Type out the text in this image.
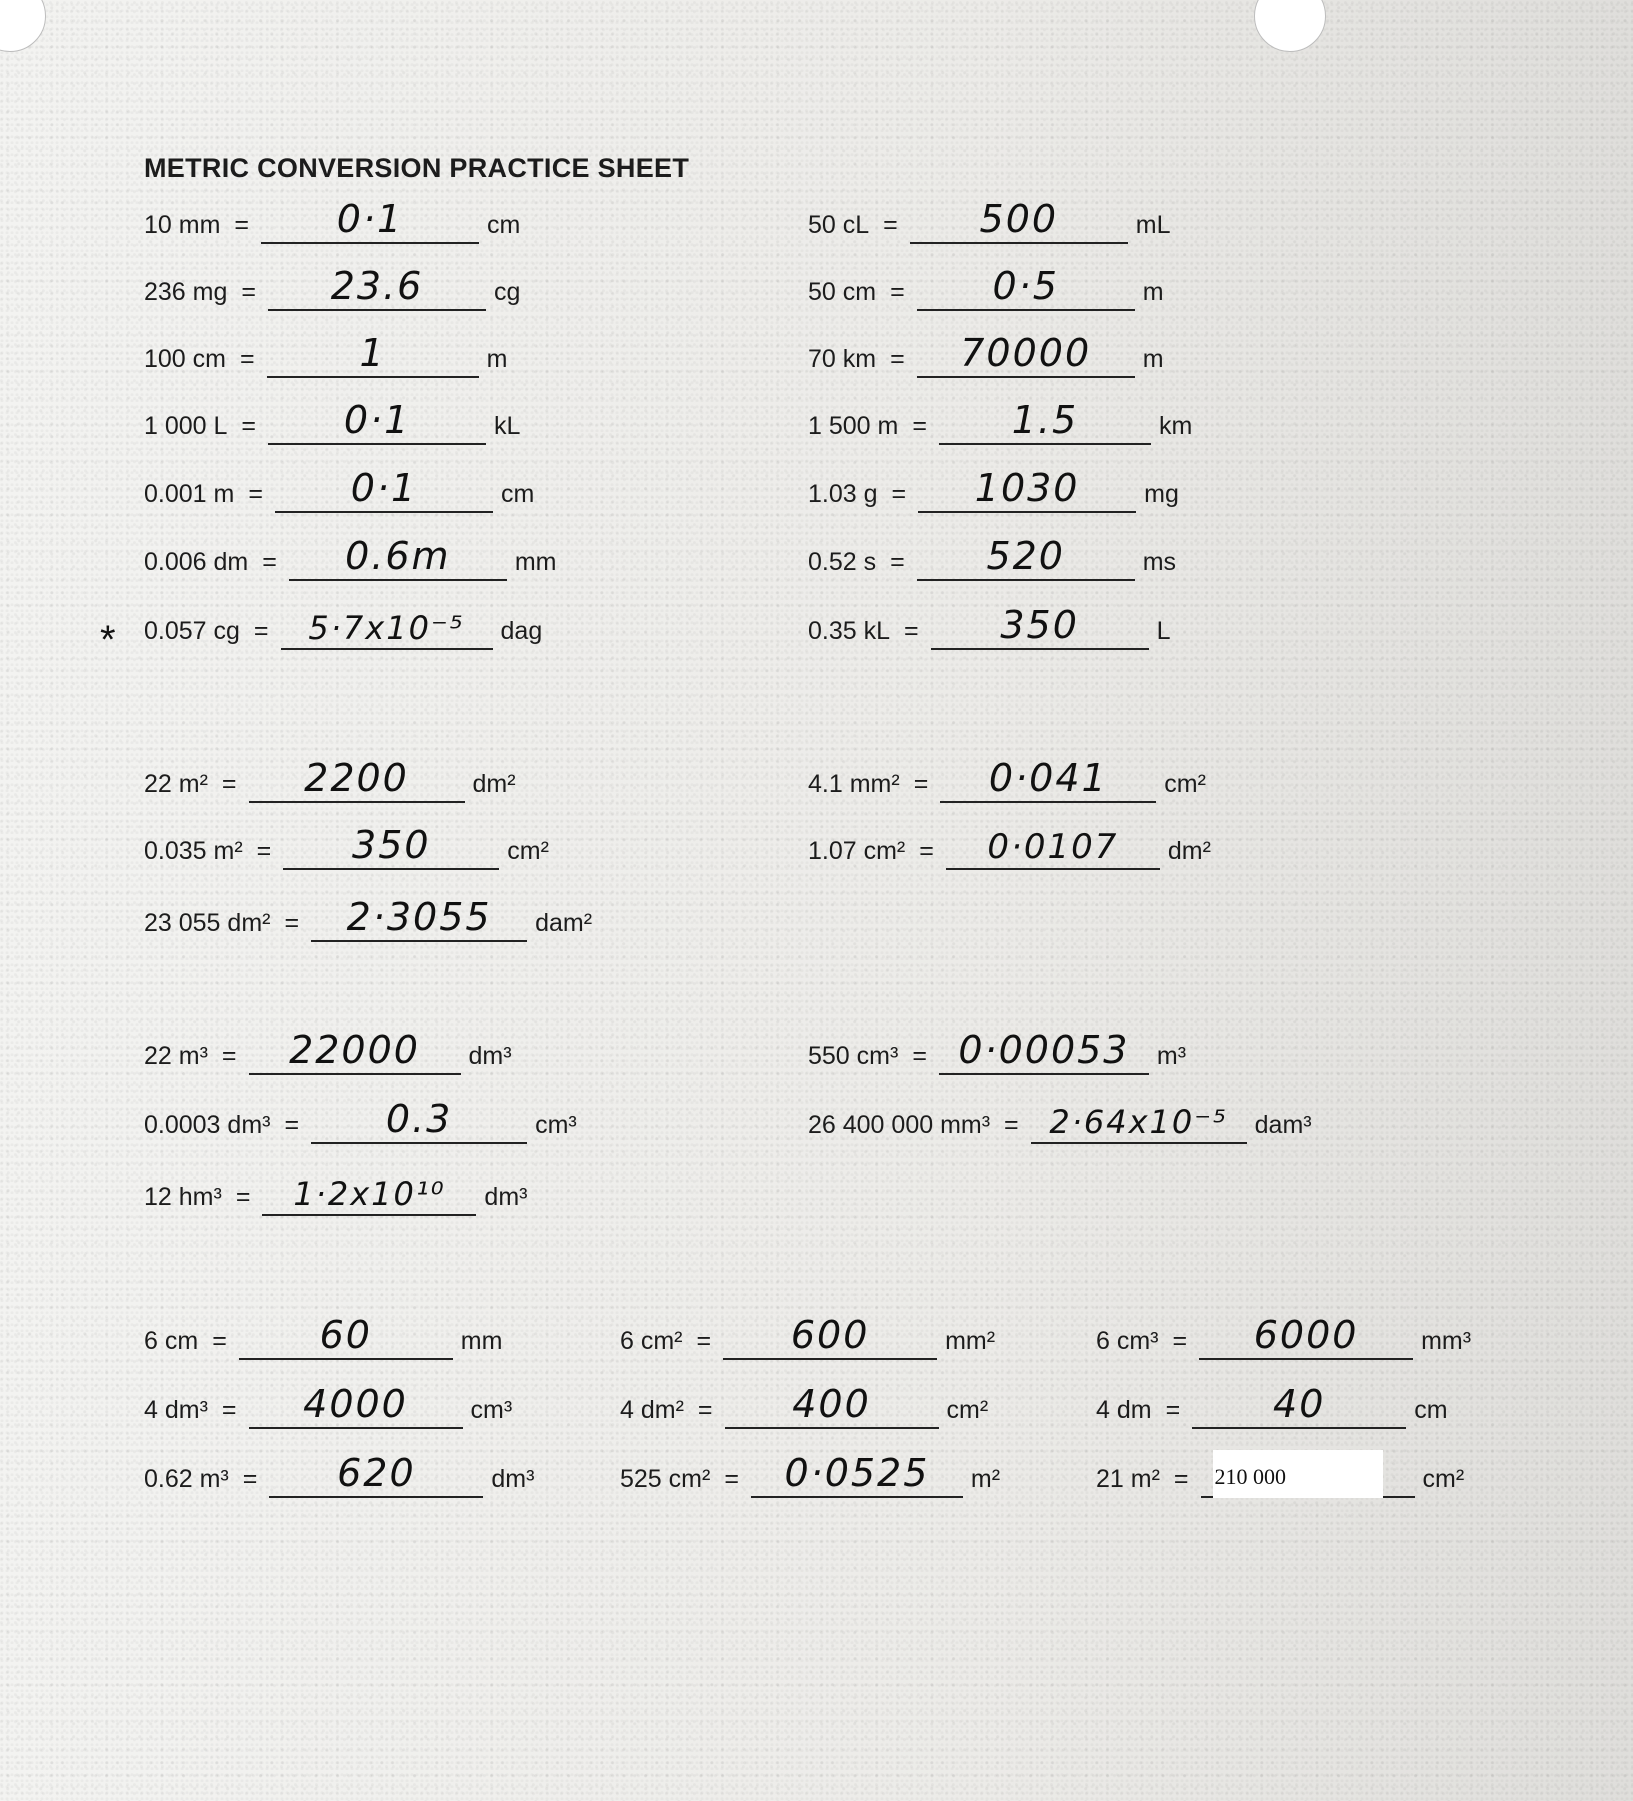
METRIC CONVERSION PRACTICE SHEET
*
10 mm =	0·1	cm
236 mg =	23.6	cg
100 cm =	1	m
1 000 L =	0·1	kL
0.001 m =	0·1	cm
0.006 dm =	0.6m	mm
0.057 cg =	5·7x10⁻⁵	dag
50 cL =	500	mL
50 cm =	0·5	m
70 km =	70000	m
1 500 m =	1.5	km
1.03 g =	1030	mg
0.52 s =	520	ms
0.35 kL =	350	L
22 m² =	2200	dm²
0.035 m² =	350	cm²
23 055 dm² =	2·3055	dam²
4.1 mm² =	0·041	cm²
1.07 cm² =	0·0107	dm²
22 m³ =	22000	dm³
0.0003 dm³ =	0.3	cm³
12 hm³ =	1·2x10¹⁰	dm³
550 cm³ = 0·00053	m³
26 400 000 mm³ = 2·64x10⁻⁵	dam³
6 cm =	60	mm
4 dm³ =	4000	cm³
0.62 m³ =	620	dm³
6 cm² =	600	mm²
4 dm² =	400	cm²
525 cm² =	0·0525	m²
6 cm³ =	6000	mm³
4 dm =	40	cm
21 m² =	210 000	cm²
